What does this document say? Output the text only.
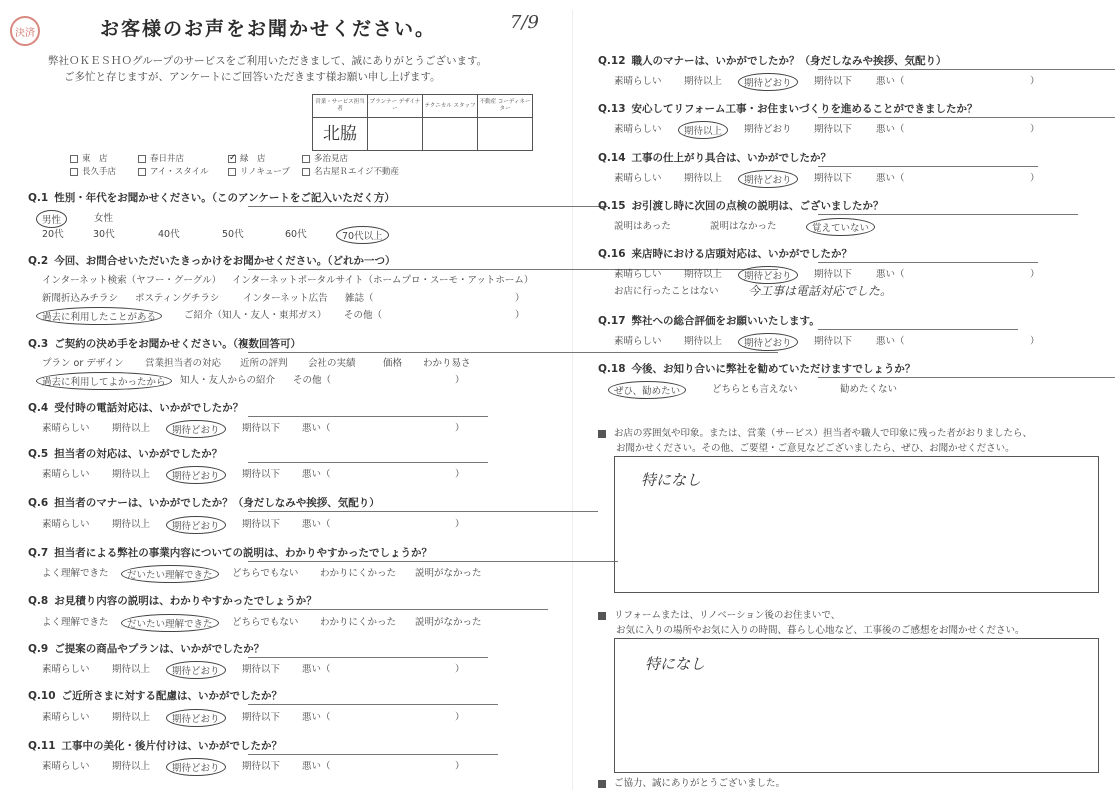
決済	お客様のお声をお聞かせください。	7/9
弊社ＯＫＥＳＨＯグループのサービスをご利用いただきまして、誠にありがとうございます。
ご多忙と存じますが、アンケートにご回答いただきます様お願い申し上げます。
営業・サービス担当者	プランナー デザイナー	テクニカル スタッフ	不動産 コーディネーター
北脇			
東　店	春日井店	✓ 緑　店	多治見店
長久手店	アイ・スタイル	リノキューブ	名古屋Ｒエイジ不動産
Q.1 性別・年代をお聞かせください。（このアンケートをご記入いただく方）
男性	女性
20代	30代	40代	50代	60代	70代以上
Q.2 今回、お問合せいただいたきっかけをお聞かせください。（どれか一つ）
インターネット検索（ヤフー・グーグル） インターネットポータルサイト（ホームプロ・スーモ・アットホーム）
新聞折込みチラシ ポスティングチラシ インターネット広告 雑誌（	）
過去に利用したことがある	ご紹介（知人・友人・東邦ガス） その他（	）
Q.3 ご契約の決め手をお聞かせください。（複数回答可）
プラン or デザイン 営業担当者の対応 近所の評判 会社の実績	価格 わかり易さ
過去に利用してよかったから	知人・友人からの紹介 その他（	）
Q.4 受付時の電話対応は、いかがでしたか？
素晴らしい 期待以上	期待どおり	期待以下 悪い（	）
Q.5 担当者の対応は、いかがでしたか？
素晴らしい 期待以上	期待どおり	期待以下 悪い（	）
Q.6 担当者のマナーは、いかがでしたか？（身だしなみや挨拶、気配り）
素晴らしい 期待以上	期待どおり	期待以下 悪い（	）
Q.7 担当者による弊社の事業内容についての説明は、わかりやすかったでしょうか？
よく理解できた	だいたい理解できた	どちらでもない わかりにくかった 説明がなかった
Q.8 お見積り内容の説明は、わかりやすかったでしょうか？
よく理解できた	だいたい理解できた	どちらでもない わかりにくかった 説明がなかった
Q.9 ご提案の商品やプランは、いかがでしたか？
素晴らしい 期待以上	期待どおり	期待以下 悪い（	）
Q.10 ご近所さまに対する配慮は、いかがでしたか？
素晴らしい 期待以上	期待どおり	期待以下 悪い（	）
Q.11 工事中の美化・後片付けは、いかがでしたか？
素晴らしい 期待以上	期待どおり	期待以下 悪い（	）
Q.12 職人のマナーは、いかがでしたか？（身だしなみや挨拶、気配り）
素晴らしい 期待以上	期待どおり	期待以下	悪い（	）
Q.13 安心してリフォーム工事・お住まいづくりを進めることができましたか？
素晴らしい	期待以上	期待どおり 期待以下	悪い（	）
Q.14 工事の仕上がり具合は、いかがでしたか？
素晴らしい 期待以上	期待どおり	期待以下	悪い（	）
Q.15 お引渡し時に次回の点検の説明は、ございましたか？
説明はあった	説明はなかった	覚えていない
Q.16 来店時における店頭対応は、いかがでしたか？
素晴らしい 期待以上	期待どおり	期待以下	悪い（	）
お店に行ったことはない
Q.17 弊社への総合評価をお願いいたします。
素晴らしい 期待以上	期待どおり	期待以下	悪い（	）
Q.18 今後、お知り合いに弊社を勧めていただけますでしょうか？
ぜひ、勧めたい	どちらとも言えない	勧めたくない
今工事は電話対応でした。
お店の雰囲気や印象。または、営業（サービス）担当者や職人で印象に残った者がおりましたら、
お聞かせください。その他、ご要望・ご意見などございましたら、ぜひ、お聞かせください。
特になし
リフォームまたは、リノベーション後のお住まいで、
お気に入りの場所やお気に入りの時間、暮らし心地など、工事後のご感想をお聞かせください。
特になし
ご協力、誠にありがとうございました。
